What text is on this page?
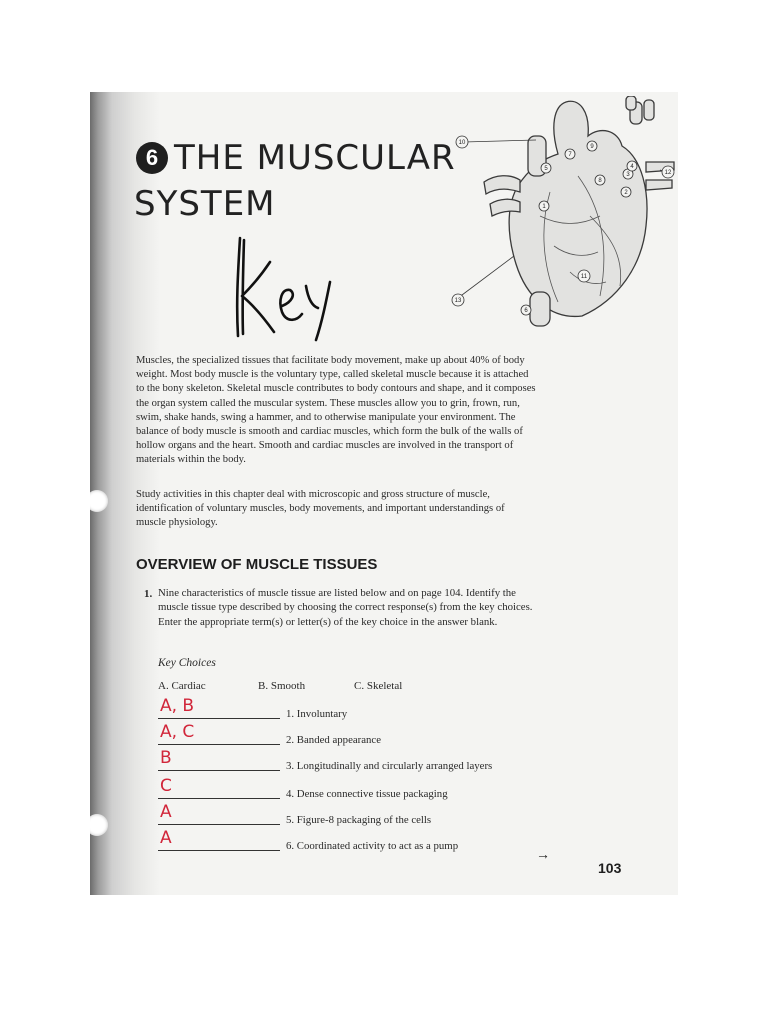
6 THE MUSCULAR
SYSTEM
10
7
9
8
5
3
4
12
2
1
11
6
13

Muscles, the specialized tissues that facilitate body movement, make up about 40% of body weight. Most body muscle is the voluntary type, called skeletal muscle because it is attached to the bony skeleton. Skeletal muscle contributes to body contours and shape, and it composes the organ system called the muscular system. These muscles allow you to grin, frown, run, swim, shake hands, swing a hammer, and to otherwise manipulate your environment. The balance of body muscle is smooth and cardiac muscles, which form the bulk of the walls of hollow organs and the heart. Smooth and cardiac muscles are involved in the transport of materials within the body.

Study activities in this chapter deal with microscopic and gross structure of muscle, identification of voluntary muscles, body movements, and important understandings of muscle physiology.

OVERVIEW OF MUSCLE TISSUES
1. Nine characteristics of muscle tissue are listed below and on page 104. Identify the muscle tissue type described by choosing the correct response(s) from the key choices. Enter the appropriate term(s) or letter(s) of the key choice in the answer blank.

Key Choices
A. Cardiac	B. Smooth	C. Skeletal
A, B	1. Involuntary
A, C	2. Banded appearance
B	3. Longitudinally and circularly arranged layers
C	4. Dense connective tissue packaging
A	5. Figure-8 packaging of the cells
A	6. Coordinated activity to act as a pump
→
103
